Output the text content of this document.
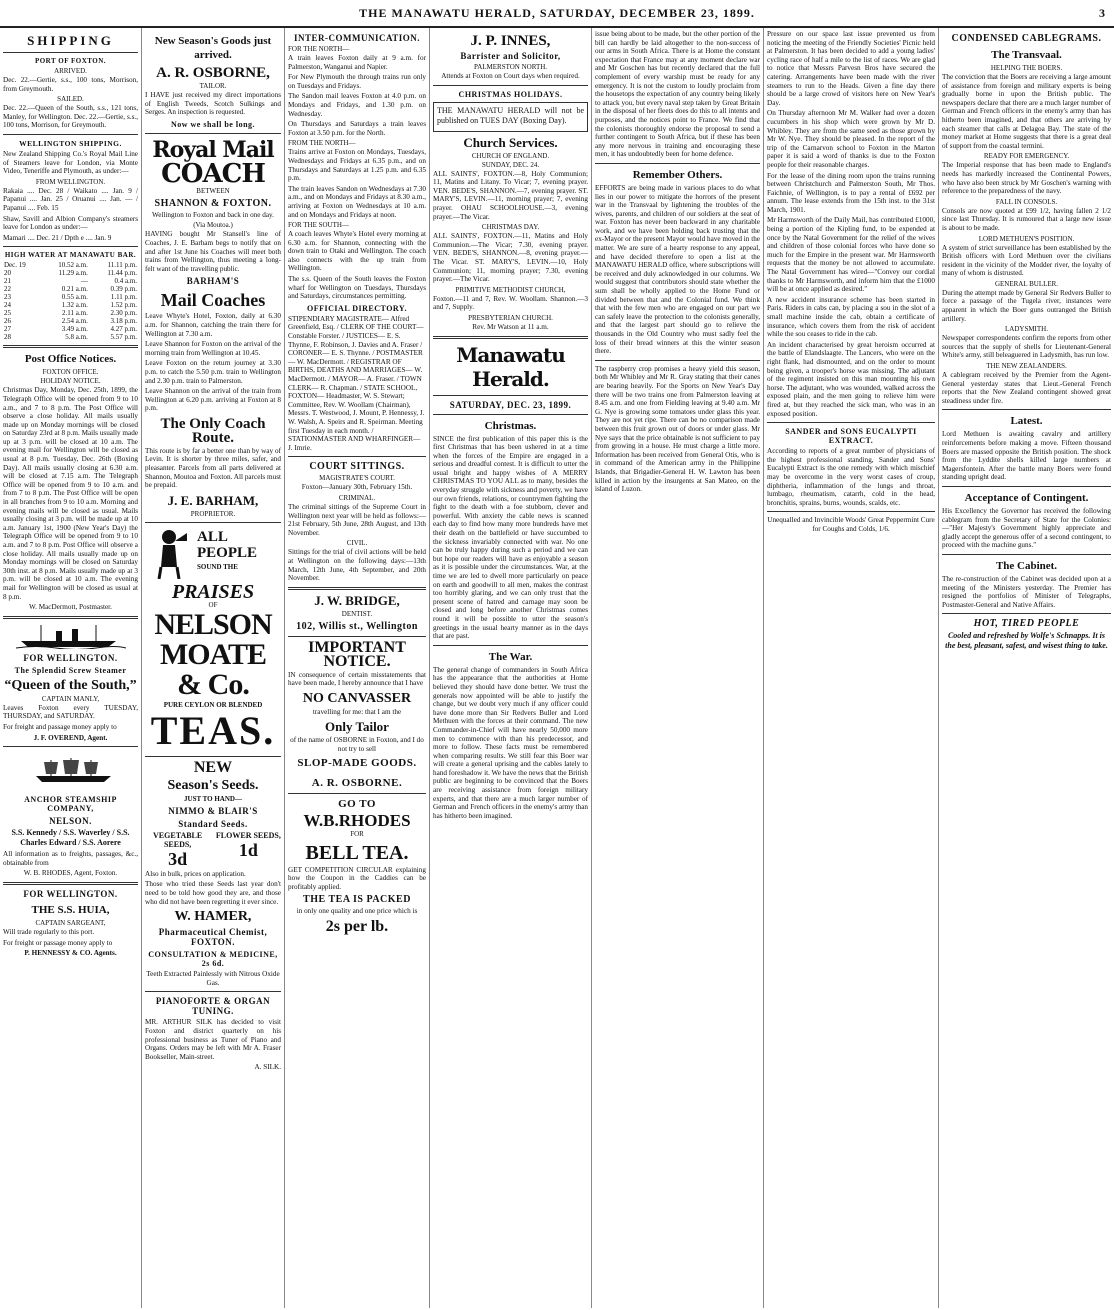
THE MANAWATU HERALD, SATURDAY, DECEMBER 23, 1899.	3
SHIPPING
PORT OF FOXTON.
ARRIVED.

Dec. 22.—Gertie, s.s., 100 tons, Morrison, from Greymouth.

SAILED.

Dec. 22.—Queen of the South, s.s., 121 tons, Manley, for Wellington. Dec. 22.—Gertie, s.s., 100 tons, Morrison, for Greymouth.

WELLINGTON SHIPPING.

New Zealand Shipping Co.'s Royal Mail Line of Steamers leave for London, via Monte Video, Teneriffe and Plymouth, as under:—

FROM WELLINGTON.

Rakaia .... Dec. 28 / Waikato .... Jan. 9 / Papanui .... Jan. 25 / Oruanui .... Jan. — / Papanui .... Feb. 15

Shaw, Savill and Albion Company's steamers leave for London as under:—

Mamari .... Dec. 21 / Dpth e .... Jan. 9

HIGH WATER AT MANAWATU BAR.
Dec. 19	10.52 a.m.	11.11 p.m.
20	11.29 a.m.	11.44 p.m.
21	—	0.4 a.m.
22	0.21 a.m.	0.39 p.m.
23	0.55 a.m.	1.11 p.m.
24	1.32 a.m.	1.52 p.m.
25	2.11 a.m.	2.30 p.m.
26	2.54 a.m.	3.18 p.m.
27	3.49 a.m.	4.27 p.m.
28	5.8 a.m.	5.57 p.m.
Post Office Notices.
FOXTON OFFICE.
HOLIDAY NOTICE.

Christmas Day, Monday, Dec. 25th, 1899, the Telegraph Office will be opened from 9 to 10 a.m., and 7 to 8 p.m. The Post Office will observe a close holiday. All mails usually made up on Monday mornings will be closed on Saturday 23rd at 8 p.m. Mails usually made up at 3 p.m. will be closed at 10 a.m. The evening mail for Wellington will be closed as usual at 8 p.m. Tuesday, Dec. 26th (Boxing Day). All mails usually closing at 6.30 a.m. will be closed at 7.15 a.m. The Telegraph Office will be opened from 9 to 10 a.m. and from 7 to 8 p.m. The Post Office will be open in all branches from 9 to 10 a.m. Morning and evening mails will be closed as usual. Mails usually closing at 3 p.m. will be made up at 10 a.m. January 1st, 1900 (New Year's Day) the Telegraph Office will be opened from 9 to 10 a.m. and 7 to 8 p.m. Post Office will observe a close holiday. All mails usually made up on Monday mornings will be closed on Saturday 30th inst. at 8 p.m. Mails usually made up at 3 p.m. will be closed at 10 a.m. The evening mail for Wellington will be closed as usual at 8 p.m.

W. MacDermott, Postmaster.

FOR WELLINGTON.
The Splendid Screw Steamer
“Queen of the South,”
CAPTAIN MANLY,

Leaves Foxton every TUESDAY, THURSDAY, and SATURDAY.

For freight and passage money apply to

J. F. OVEREND, Agent.

ANCHOR STEAMSHIP COMPANY,
NELSON.

S.S. Kennedy / S.S. Waverley / S.S. Charles Edward / S.S. Aorere

All information as to freights, passages, &c., obtainable from

W. B. RHODES, Agent, Foxton.

FOR WELLINGTON.
THE S.S. HUIA,
CAPTAIN SARGEANT,

Will trade regularly to this port.

For freight or passage money apply to

P. HENNESSY & CO. Agents.

New Season's Goods just arrived.
A. R. OSBORNE,
TAILOR.

I HAVE just received my direct importations of English Tweeds, Scotch Sulkings and Serges. An inspection is requested.

Now we shall be long.
Royal Mail
COACH
BETWEEN
SHANNON & FOXTON.

Wellington to Foxton and back in one day.

(Via Moutoa.)

HAVING bought Mr Stansell's line of Coaches, J. E. Barham begs to notify that on and after 1st June his Coaches will meet both trains from Wellington, thus meeting a long-felt want of the travelling public.

BARHAM'S
Mail Coaches

Leave Whyte's Hotel, Foxton, daily at 6.30 a.m. for Shannon, catching the train there for Wellington at 7.30 a.m.

Leave Shannon for Foxton on the arrival of the morning train from Wellington at 10.45.

Leave Foxton on the return journey at 3.30 p.m. to catch the 5.50 p.m. train to Wellington and 2.30 p.m. train to Palmerston.

Leave Shannon on the arrival of the train from Wellington at 6.20 p.m. arriving at Foxton at 8 p.m.

The Only Coach Route.

This route is by far a better one than by way of Levin. It is shorter by three miles, safer, and pleasanter. Parcels from all parts delivered at Shannon, Moutoa and Foxton. All parcels must be prepaid.

J. E. BARHAM,
PROPRIETOR.
ALL PEOPLE
SOUND THE
PRAISES
OF
NELSON MOATE & Co.
PURE CEYLON OR BLENDED
TEAS.
NEW
Season's Seeds.
JUST TO HAND—
NIMMO & BLAIR'S
Standard Seeds.
VEGETABLE SEEDS,
3d
FLOWER SEEDS,
1d

Also in bulk, prices on application.

Those who tried these Seeds last year don't need to be told how good they are, and those who did not have been regretting it ever since.

W. HAMER,
Pharmaceutical Chemist, FOXTON.
CONSULTATION & MEDICINE, 2s 6d.

Teeth Extracted Painlessly with Nitrous Oxide Gas.

PIANOFORTE & ORGAN TUNING.

MR. ARTHUR SILK has decided to visit Foxton and district quarterly on his professional business as Tuner of Piano and Organs. Orders may be left with Mr A. Fraser Bookseller, Main-street.

A. SILK.

INTER-COMMUNICATION.
FOR THE NORTH—

A train leaves Foxton daily at 9 a.m. for Palmerston, Wanganui and Napier.

For New Plymouth the through trains run only on Tuesdays and Fridays.

The Sandon mail leaves Foxton at 4.0 p.m. on Mondays and Fridays, and 1.30 p.m. on Wednesday.

On Thursdays and Saturdays a train leaves Foxton at 3.50 p.m. for the North.

FROM THE NORTH—

Trains arrive at Foxton on Mondays, Tuesdays, Wednesdays and Fridays at 6.35 p.m., and on Thursdays and Saturdays at 1.25 p.m. and 6.35 p.m.

The train leaves Sandon on Wednesdays at 7.30 a.m., and on Mondays and Fridays at 8.30 a.m., arriving at Foxton on Wednesdays at 10 a.m. and on Mondays and Fridays at noon.

FOR THE SOUTH—

A coach leaves Whyte's Hotel every morning at 6.30 a.m. for Shannon, connecting with the down train to Otaki and Wellington. The coach also connects with the up train from Wellington.

The s.s. Queen of the South leaves the Foxton wharf for Wellington on Tuesdays, Thursdays and Saturdays, circumstances permitting.

OFFICIAL DIRECTORY.

STIPENDIARY MAGISTRATE— Alfred Greenfield, Esq. / CLERK OF THE COURT— Constable Forster. / JUSTICES— E. S. Thynne, F. Robinson, J. Davies and A. Fraser / CORONER— E. S. Thynne. / POSTMASTER— W. MacDermott. / REGISTRAR OF BIRTHS, DEATHS AND MARRIAGES— W. MacDermott. / MAYOR— A. Fraser. / TOWN CLERK— R. Chapman. / STATE SCHOOL, FOXTON— Headmaster, W. S. Stewart; Committee, Rev. W. Woollam (Chairman), Messrs. T. Westwood, J. Mount, P. Hennessy, J. W. Walsh, A. Speirs and R. Speirman. Meeting first Tuesday in each month. / STATIONMASTER AND WHARFINGER— J. Imrie.

COURT SITTINGS.
MAGISTRATE'S COURT.

Foxton—January 30th, February 15th.

CRIMINAL.

The criminal sittings of the Supreme Court in Wellington next year will be held as follows:—21st February, 5th June, 28th August, and 13th November.

CIVIL.

Sittings for the trial of civil actions will be held at Wellington on the following days:—13th March, 12th June, 4th September, and 20th November.

J. W. BRIDGE,
DENTIST.
102, Willis st., Wellington
IMPORTANT NOTICE.

IN consequence of certain misstatements that have been made, I hereby announce that I have

NO CANVASSER

travelling for me: that I am the

Only Tailor

of the name of OSBORNE in Foxton, and I do not try to sell

SLOP-MADE GOODS.
A. R. OSBORNE.
GO TO
W.B.RHODES
FOR
BELL TEA.

GET COMPETITION CIRCULAR explaining how the Coupon in the Caddies can be profitably applied.

THE TEA IS PACKED

in only one quality and one price which is

2s per lb.
J. P. INNES,
Barrister and Solicitor,
PALMERSTON NORTH.

Attends at Foxton on Court days when required.

CHRISTMAS HOLIDAYS.

THE MANAWATU HERALD will not be published on TUES DAY (Boxing Day).

Church Services.
CHURCH OF ENGLAND.
SUNDAY, DEC. 24.

ALL SAINTS', FOXTON.—8, Holy Communion; 11, Matins and Litany. To Vicar; 7, evening prayer. VEN. BEDE'S, SHANNON.—7, evening prayer. ST. MARY'S, LEVIN.—11, morning prayer; 7, evening prayer. OHAU SCHOOLHOUSE.—3, evening prayer.—The Vicar.

CHRISTMAS DAY.

ALL SAINTS', FOXTON.—11, Matins and Holy Communion.—The Vicar; 7.30, evening prayer. VEN. BEDE'S, SHANNON.—8, evening prayer.—The Vicar. ST. MARY'S, LEVIN.—10, Holy Communion; 11, morning prayer; 7.30, evening prayer.—The Vicar.

PRIMITIVE METHODIST CHURCH,

Foxton.—11 and 7, Rev. W. Woollam. Shannon.—3 and 7, Supply.

PRESBYTERIAN CHURCH.

Rev. Mr Watson at 11 a.m.

Manawatu Herald.
SATURDAY, DEC. 23, 1899.
Christmas.

SINCE the first publication of this paper this is the first Christmas that has been ushered in at a time when the forces of the Empire are engaged in a serious and dreadful contest. It is difficult to utter the usual bright and happy wishes of A MERRY CHRISTMAS TO YOU ALL as to many, besides the everyday struggle with sickness and poverty, we have our own friends, relations, or countrymen fighting the fight to the death with a foe stubborn, clever and powerful. With anxiety the cable news is scanned each day to find how many more hundreds have met their death on the battlefield or have succumbed to the sickness invariably connected with war. No one can be truly happy during such a period and we can but hope our readers will have as enjoyable a season as it is possible under the circumstances. War, at the time we are led to dwell more particularly on peace on earth and goodwill to all men, makes the contrast too horribly glaring, and we can only trust that the present scene of hatred and carnage may soon be closed and long before another Christmas comes round it will be possible to utter the season's greetings in the usual hearty manner as in the days that are past.

The War.

The general change of commanders in South Africa has the appearance that the authorities at Home believed they should have done better. We trust the generals now appointed will be able to justify the change, but we doubt very much if any officer could have done more than Sir Redvers Buller and Lord Methuen with the forces at their command. The new Commander-in-Chief will have nearly 50,000 more men to commence with than his predecessor, and more to follow. These facts must be remembered when comparing results. We still fear this Boer war will create a general uprising and the cables lately to hand foreshadow it. We have the news that the British public are beginning to be convinced that the Boers are receiving assistance from foreign military experts, and that there are a much larger number of German and French officers in the enemy's army than has hitherto been imagined.

issue being about to be made, but the other portion of the bill can hardly be laid altogether to the non-success of our arms in South Africa. There is at Home the constant expectation that France may at any moment declare war and Mr Goschen has but recently declared that the full complement of every warship must be ready for any emergency. It is not the custom to loudly proclaim from the housetops the expectation of any country being likely to attack you, but every naval step taken by Great Britain in the disposal of her fleets does do this to all intents and purposes, and the notices point to France. We find that the colonists thoroughly endorse the proposal to send a further contingent to South Africa, but if these has been any more nervous in training and encouraging these men, it has undoubtedly been for home defence.

Remember Others.

EFFORTS are being made in various places to do what lies in our power to mitigate the horrors of the present war in the Transvaal by lightening the troubles of the wives, parents, and children of our soldiers at the seat of war. Foxton has never been backward in any charitable work, and we have been holding back trusting that the ex-Mayor or the present Mayor would have moved in the matter. We are sure of a hearty response to any appeal, and have decided therefore to open a list at the MANAWATU HERALD office, where subscriptions will be received and duly acknowledged in our columns. We would suggest that contributors should state whether the sum shall be wholly applied to the Home Fund or divided between that and the Colonial fund. We think that with the few men who are engaged on our part we can safely leave the protection to the colonists generally, and that the largest part should go to relieve the thousands in the Old Country who must sadly feel the loss of their bread winners at this the winter season there.

The raspberry crop promises a heavy yield this season, both Mr Whibley and Mr R. Gray stating that their canes are bearing heavily. For the Sports on New Year's Day there will be two trains one from Palmerston leaving at 8.45 a.m. and one from Fielding leaving at 9.40 a.m. Mr G. Nye is growing some tomatoes under glass this year. They are not yet ripe. There can be no comparison made between this fruit grown out of doors or under glass. Mr Nye says that the price obtainable is not sufficient to pay from growing in a house. He must charge a little more. Information has been received from General Otis, who is in command of the American army in the Philippine Islands, that Brigadier-General H. W. Lawton has been killed in action by the insurgents at San Mateo, on the island of Luzon.

Pressure on our space last issue prevented us from noticing the meeting of the Friendly Societies' Picnic held at Palmerston. It has been decided to add a young ladies' cycling race of half a mile to the list of races. We are glad to notice that Messrs Parvesn Bros have secured the catering. Arrangements have been made with the river steamers to run to the Heads. Given a fine day there should be a large crowd of visitors here on New Year's Day.

On Thursday afternoon Mr M. Walker had over a dozen cucumbers in his shop which were grown by Mr D. Whibley. They are from the same seed as those grown by Mr W. Nye. They should be pleased. In the report of the trip of the Carnarvon school to Foxton in the Marton paper it is said a word of thanks is due to the Foxton people for their reasonable charges.

For the lease of the dining room upon the trains running between Christchurch and Palmerston South, Mr Thos. Faichnie, of Wellington, is to pay a rental of £692 per annum. The lease extends from the 15th inst. to the 31st March, 1901.

Mr Harmsworth of the Daily Mail, has contributed £1000, being a portion of the Kipling fund, to be expended at once by the Natal Government for the relief of the wives and children of those colonial forces who have done so much for the Empire in the present war. Mr Harmsworth requests that the money be not allowed to accumulate. The Natal Government has wired—"Convey our cordial thanks to Mr Harmsworth, and inform him that the £1000 will be at once applied as desired."

A new accident insurance scheme has been started in Paris. Riders in cabs can, by placing a sou in the slot of a small machine inside the cab, obtain a certificate of insurance, which covers them from the risk of accident while the sou ceases to ride in the cab.

An incident characterised by great heroism occurred at the battle of Elandslaagte. The Lancers, who were on the right flank, had dismounted, and on the order to mount being given, a trooper's horse was missing. The adjutant of the regiment insisted on this man mounting his own horse. The adjutant, who was wounded, walked across the exposed plain, and the men going to relieve him were fired at, but they reached the sick man, who was in an exposed position.

SANDER and SONS EUCALYPTI EXTRACT.

According to reports of a great number of physicians of the highest professional standing, Sander and Sons' Eucalypti Extract is the one remedy with which mischief may be overcome in the very worst cases of croup, diphtheria, inflammation of the lungs and throat, lumbago, rheumatism, catarrh, cold in the head, bronchitis, sprains, burns, wounds, scalds, etc.

Unequalled and Invincible Woods' Great Peppermint Cure for Coughs and Colds, 1/6.

CONDENSED CABLEGRAMS.
The Transvaal.
HELPING THE BOERS.

The conviction that the Boers are receiving a large amount of assistance from foreign and military experts is being gradually borne in upon the British public. The newspapers declare that there are a much larger number of German and French officers in the enemy's army than has hitherto been imagined, and that others are arriving by each steamer that calls at Delagoa Bay. The state of the money market at Home suggests that there is a great deal of support from the coastal termini.

READY FOR EMERGENCY.

The Imperial response that has been made to England's needs has markedly increased the Continental Powers, who have also been struck by Mr Goschen's warning with reference to the preparedness of the navy.

FALL IN CONSOLS.

Consols are now quoted at £99 1/2, having fallen 2 1/2 since last Thursday. It is rumoured that a large new issue is about to be made.

LORD METHUEN'S POSITION.

A system of strict surveillance has been established by the British officers with Lord Methuen over the civilians resident in the vicinity of the Modder river, the loyalty of many of whom is distrusted.

GENERAL BULLER.

During the attempt made by General Sir Redvers Buller to force a passage of the Tugela river, instances were apparent in which the Boer guns outranged the British artillery.

LADYSMITH.

Newspaper correspondents confirm the reports from other sources that the supply of shells for Lieutenant-General White's army, still beleaguered in Ladysmith, has run low.

THE NEW ZEALANDERS.

A cablegram received by the Premier from the Agent-General yesterday states that Lieut.-General French reports that the New Zealand contingent showed great steadiness under fire.

Latest.

Lord Methuen is awaiting cavalry and artillery reinforcements before making a move. Fifteen thousand Boers are massed opposite the British position. The shock from the Lyddite shells killed large numbers at Magersfontein. After the battle many Boers were found standing upright dead.

Acceptance of Contingent.

His Excellency the Governor has received the following cablegram from the Secretary of State for the Colonies:—"Her Majesty's Government highly appreciate and gladly accept the generous offer of a second contingent, to proceed with the machine guns."

The Cabinet.

The re-construction of the Cabinet was decided upon at a meeting of the Ministers yesterday. The Premier has resigned the portfolios of Minister of Telegraphs, Postmaster-General and Native Affairs.

HOT, TIRED PEOPLE

Cooled and refreshed by Wolfe's Schnapps. It is the best, pleasant, safest, and wisest thing to take.
